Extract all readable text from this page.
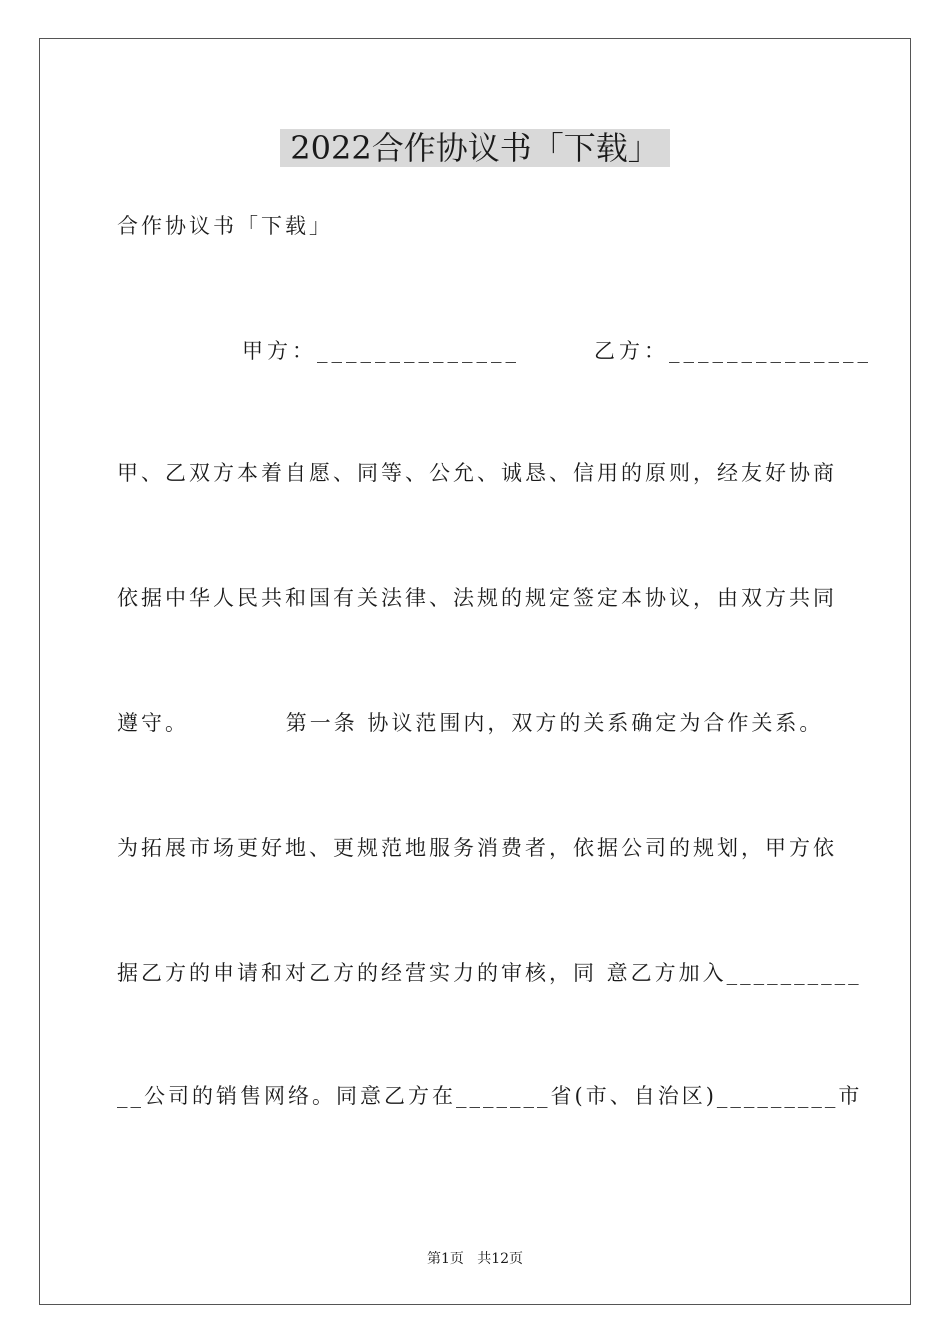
2022合作协议书「下载」
合作协议书「下载」
甲方：______________	乙方：______________
甲、乙双方本着自愿、同等、公允、诚恳、信用的原则，经友好协商
依据中华人民共和国有关法律、法规的规定签定本协议，由双方共同
遵守。          第一条 协议范围内，双方的关系确定为合作关系。
为拓展市场更好地、更规范地服务消费者，依据公司的规划，甲方依
据乙方的申请和对乙方的经营实力的审核，同 意乙方加入__________
__公司的销售网络。同意乙方在_______省(市、自治区)_________市
第1页   共12页
